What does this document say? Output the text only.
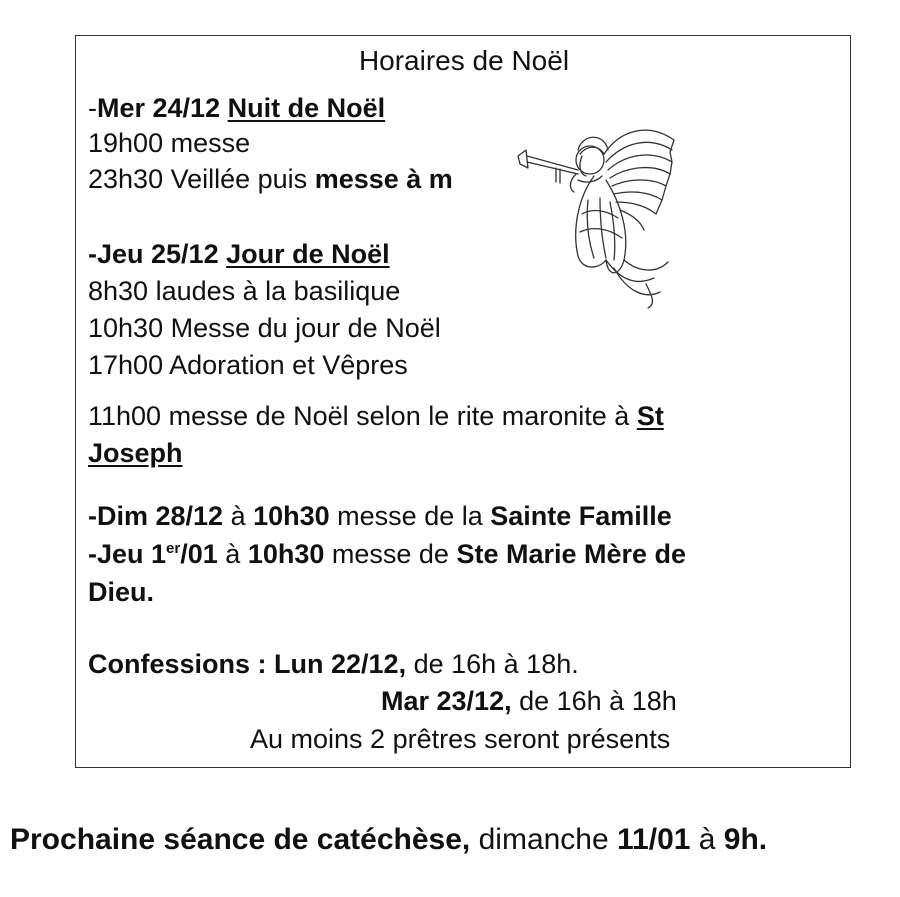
Horaires de Noël
-Mer 24/12 Nuit de Noël
19h00 messe
23h30 Veillée puis messe à m
-Jeu 25/12 Jour de Noël
8h30 laudes à la basilique
10h30 Messe du jour de Noël
17h00 Adoration et Vêpres
11h00 messe de Noël selon le rite maronite à St
Joseph
-Dim 28/12 à 10h30 messe de la Sainte Famille
-Jeu 1er/01 à 10h30 messe de Ste Marie Mère de
Dieu.
Confessions : Lun 22/12, de 16h à 18h.
Mar 23/12, de 16h à 18h
Au moins 2 prêtres seront présents
Prochaine séance de catéchèse, dimanche 11/01 à 9h.
